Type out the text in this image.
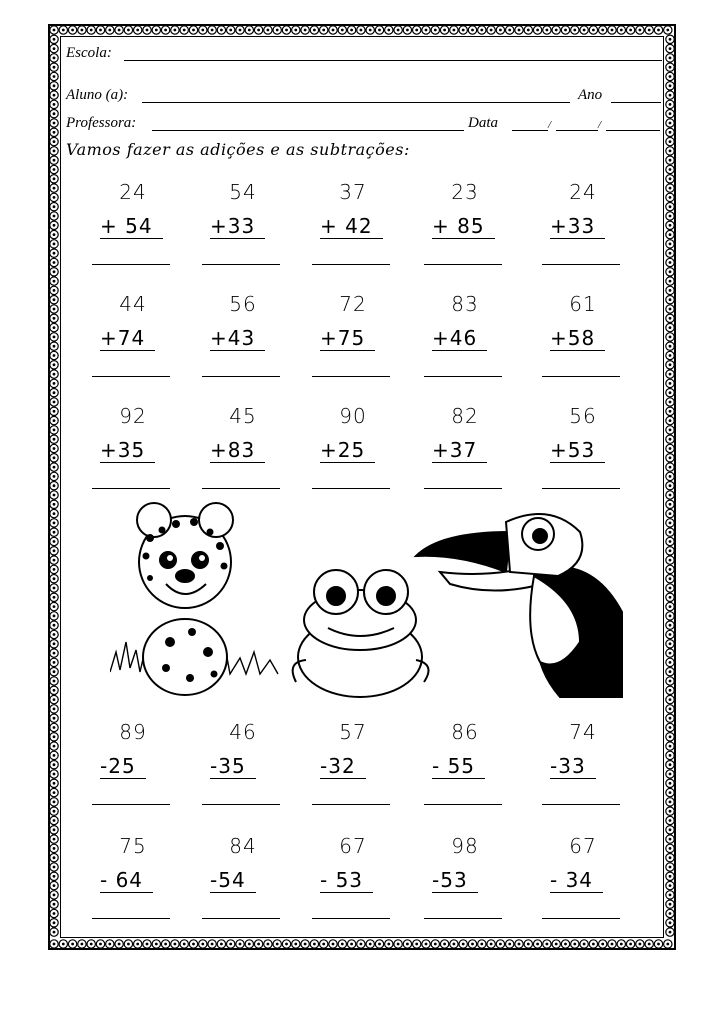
Escola:
Aluno (a):	Ano
Professora:	Data	/	/
Vamos fazer as adições e as subtrações:
24
+ 54
54
+33
37
+ 42
23
+ 85
24
+33
44
+74
56
+43
72
+75
83
+46
61
+58
92
+35
45
+83
90
+25
82
+37
56
+53
89
-25
46
-35
57
-32
86
- 55
74
-33
75
- 64
84
-54
67
- 53
98
-53
67
- 34
